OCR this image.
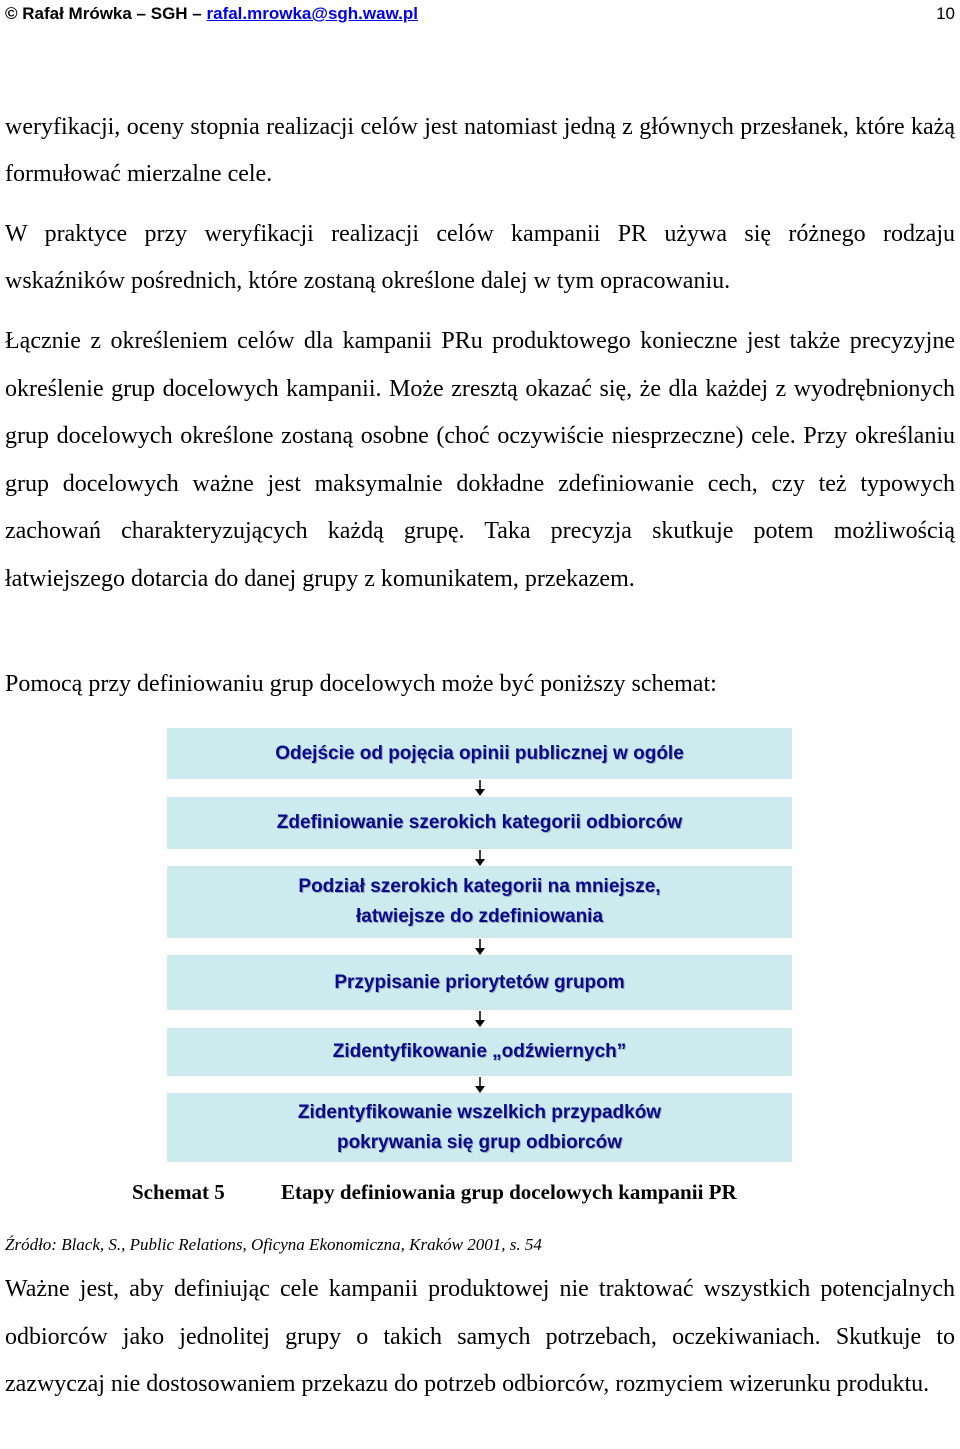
© Rafał Mrówka – SGH – rafal.mrowka@sgh.waw.pl	10

weryfikacji, oceny stopnia realizacji celów jest natomiast jedną z głównych przesłanek, które każą formułować mierzalne cele.

W praktyce przy weryfikacji realizacji celów kampanii PR używa się różnego rodzaju wskaźników pośrednich, które zostaną określone dalej w tym opracowaniu.

Łącznie z określeniem celów dla kampanii PRu produktowego konieczne jest także precyzyjne określenie grup docelowych kampanii. Może zresztą okazać się, że dla każdej z wyodrębnionych grup docelowych określone zostaną osobne (choć oczywiście niesprzeczne) cele. Przy określaniu grup docelowych ważne jest maksymalnie dokładne zdefiniowanie cech, czy też typowych zachowań charakteryzujących każdą grupę. Taka precyzja skutkuje potem możliwością łatwiejszego dotarcia do danej grupy z komunikatem, przekazem.

Pomocą przy definiowaniu grup docelowych może być poniższy schemat:

Odejście od pojęcia opinii publicznej w ogóle
Zdefiniowanie szerokich kategorii odbiorców
Podział szerokich kategorii na mniejsze,
łatwiejsze do zdefiniowania
Przypisanie priorytetów grupom
Zidentyfikowanie „odźwiernych”
Zidentyfikowanie wszelkich przypadków
pokrywania się grup odbiorców
Schemat 5	Etapy definiowania grup docelowych kampanii PR
Źródło: Black, S., Public Relations, Oficyna Ekonomiczna, Kraków 2001, s. 54

Ważne jest, aby definiując cele kampanii produktowej nie traktować wszystkich potencjalnych odbiorców jako jednolitej grupy o takich samych potrzebach, oczekiwaniach. Skutkuje to zazwyczaj nie dostosowaniem przekazu do potrzeb odbiorców, rozmyciem wizerunku produktu.
